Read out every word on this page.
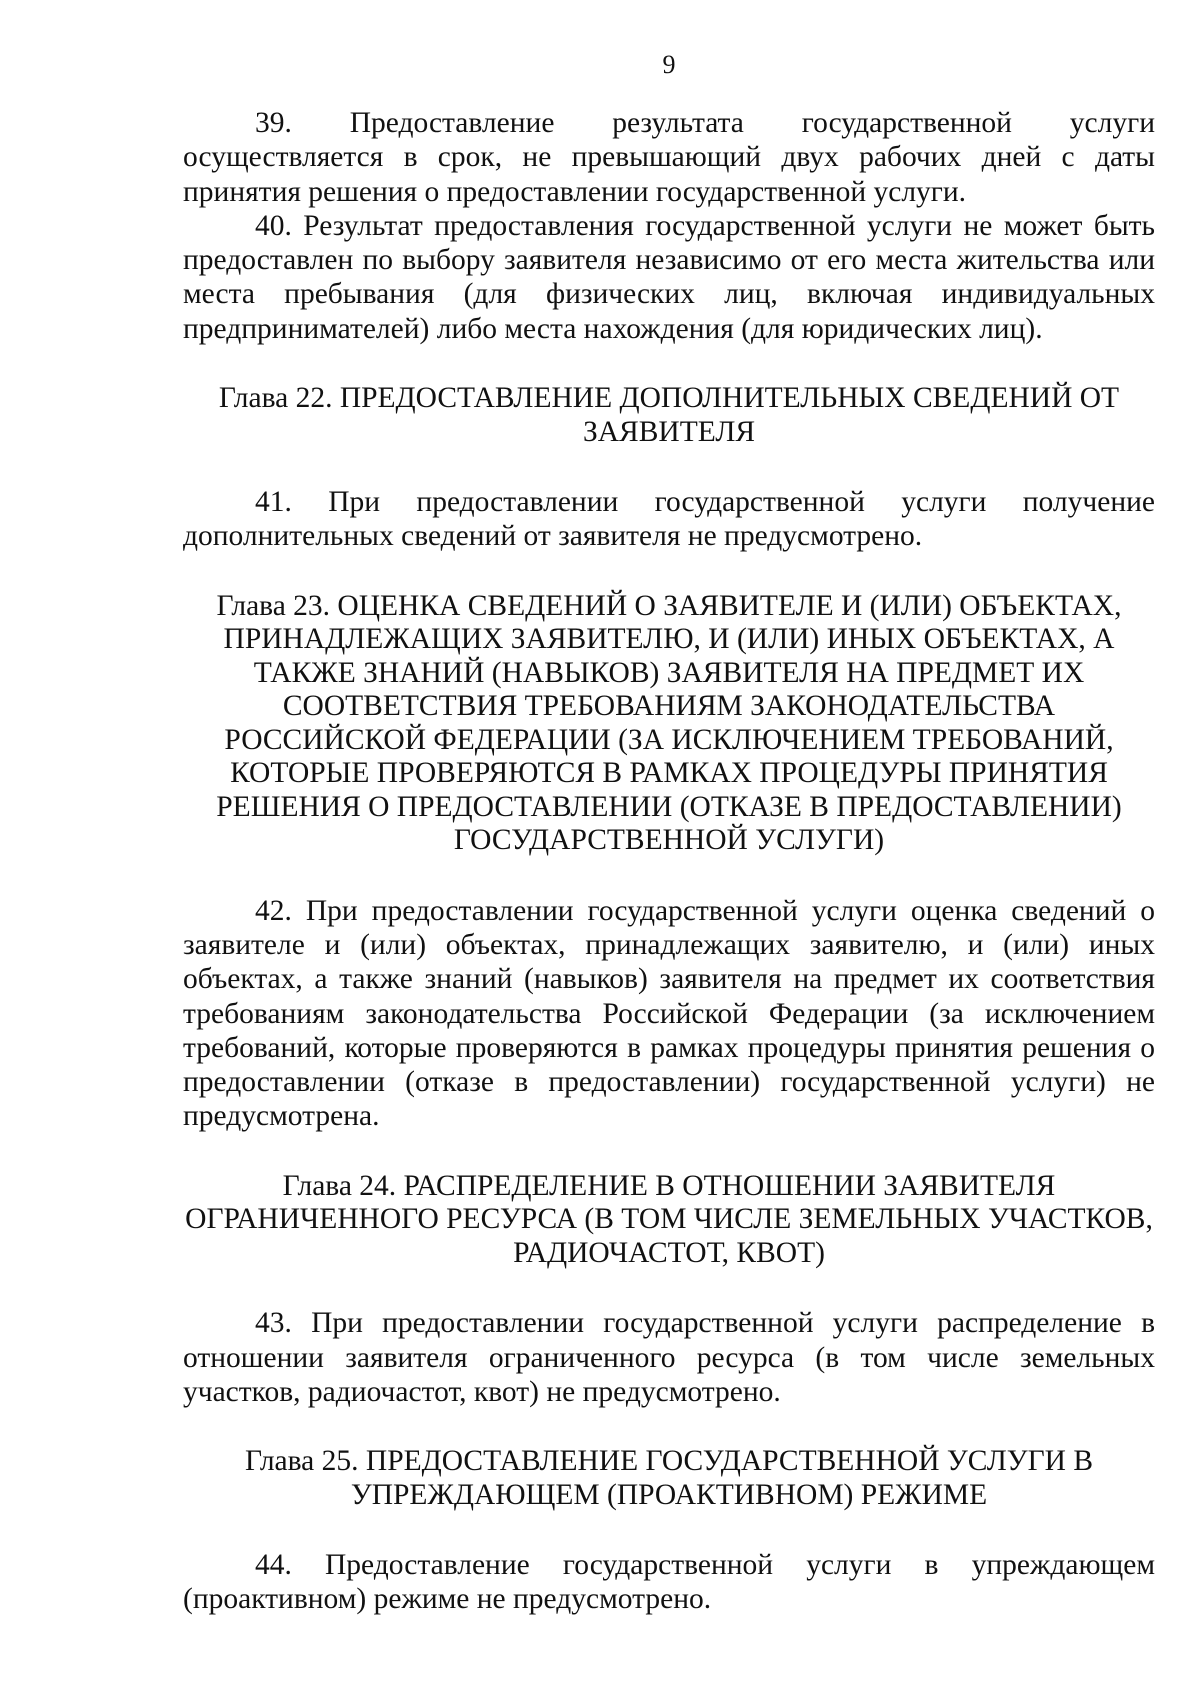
9

39. Предоставление результата государственной услуги осуществляется в срок, не превышающий двух рабочих дней с даты принятия решения о предоставлении государственной услуги.

40. Результат предоставления государственной услуги не может быть предоставлен по выбору заявителя независимо от его места жительства или места пребывания (для физических лиц, включая индивидуальных предпринимателей) либо места нахождения (для юридических лиц).

Глава 22. ПРЕДОСТАВЛЕНИЕ ДОПОЛНИТЕЛЬНЫХ СВЕДЕНИЙ ОТ ЗАЯВИТЕЛЯ

41. При предоставлении государственной услуги получение дополнительных сведений от заявителя не предусмотрено.

Глава 23. ОЦЕНКА СВЕДЕНИЙ О ЗАЯВИТЕЛЕ И (ИЛИ) ОБЪЕКТАХ, ПРИНАДЛЕЖАЩИХ ЗАЯВИТЕЛЮ, И (ИЛИ) ИНЫХ ОБЪЕКТАХ, А ТАКЖЕ ЗНАНИЙ (НАВЫКОВ) ЗАЯВИТЕЛЯ НА ПРЕДМЕТ ИХ СООТВЕТСТВИЯ ТРЕБОВАНИЯМ ЗАКОНОДАТЕЛЬСТВА РОССИЙСКОЙ ФЕДЕРАЦИИ (ЗА ИСКЛЮЧЕНИЕМ ТРЕБОВАНИЙ, КОТОРЫЕ ПРОВЕРЯЮТСЯ В РАМКАХ ПРОЦЕДУРЫ ПРИНЯТИЯ РЕШЕНИЯ О ПРЕДОСТАВЛЕНИИ (ОТКАЗЕ В ПРЕДОСТАВЛЕНИИ) ГОСУДАРСТВЕННОЙ УСЛУГИ)

42. При предоставлении государственной услуги оценка сведений о заявителе и (или) объектах, принадлежащих заявителю, и (или) иных объектах, а также знаний (навыков) заявителя на предмет их соответствия требованиям законодательства Российской Федерации (за исключением требований, которые проверяются в рамках процедуры принятия решения о предоставлении (отказе в предоставлении) государственной услуги) не предусмотрена.

Глава 24. РАСПРЕДЕЛЕНИЕ В ОТНОШЕНИИ ЗАЯВИТЕЛЯ ОГРАНИЧЕННОГО РЕСУРСА (В ТОМ ЧИСЛЕ ЗЕМЕЛЬНЫХ УЧАСТКОВ, РАДИОЧАСТОТ, КВОТ)

43. При предоставлении государственной услуги распределение в отношении заявителя ограниченного ресурса (в том числе земельных участков, радиочастот, квот) не предусмотрено.

Глава 25. ПРЕДОСТАВЛЕНИЕ ГОСУДАРСТВЕННОЙ УСЛУГИ В УПРЕЖДАЮЩЕМ (ПРОАКТИВНОМ) РЕЖИМЕ

44. Предоставление государственной услуги в упреждающем (проактивном) режиме не предусмотрено.
